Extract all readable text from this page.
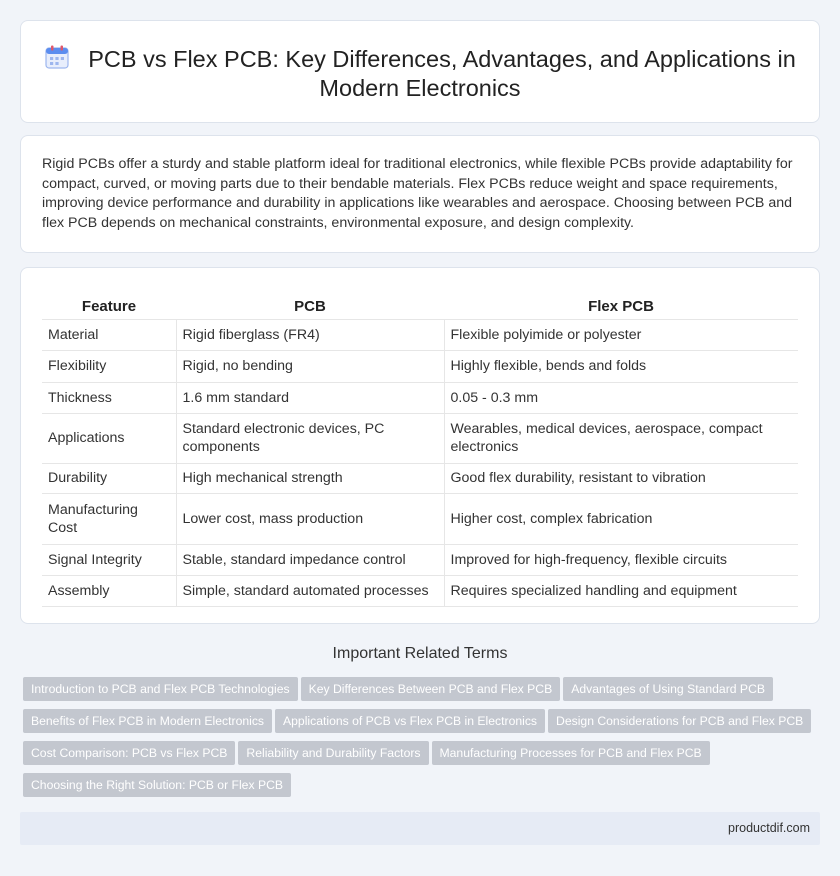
PCB vs Flex PCB: Key Differences, Advantages, and Applications in Modern Electronics

Rigid PCBs offer a sturdy and stable platform ideal for traditional electronics, while flexible PCBs provide adaptability for compact, curved, or moving parts due to their bendable materials. Flex PCBs reduce weight and space requirements, improving device performance and durability in applications like wearables and aerospace. Choosing between PCB and flex PCB depends on mechanical constraints, environmental exposure, and design complexity.

Feature	PCB	Flex PCB
Material	Rigid fiberglass (FR4)	Flexible polyimide or polyester
Flexibility	Rigid, no bending	Highly flexible, bends and folds
Thickness	1.6 mm standard	0.05 - 0.3 mm
Applications	Standard electronic devices, PC components	Wearables, medical devices, aerospace, compact electronics
Durability	High mechanical strength	Good flex durability, resistant to vibration
Manufacturing Cost	Lower cost, mass production	Higher cost, complex fabrication
Signal Integrity	Stable, standard impedance control	Improved for high-frequency, flexible circuits
Assembly	Simple, standard automated processes	Requires specialized handling and equipment
Important Related Terms
Introduction to PCB and Flex PCB Technologies Key Differences Between PCB and Flex PCB Advantages of Using Standard PCB
Benefits of Flex PCB in Modern Electronics Applications of PCB vs Flex PCB in Electronics Design Considerations for PCB and Flex PCB
Cost Comparison: PCB vs Flex PCB Reliability and Durability Factors Manufacturing Processes for PCB and Flex PCB
Choosing the Right Solution: PCB or Flex PCB
productdif.com
